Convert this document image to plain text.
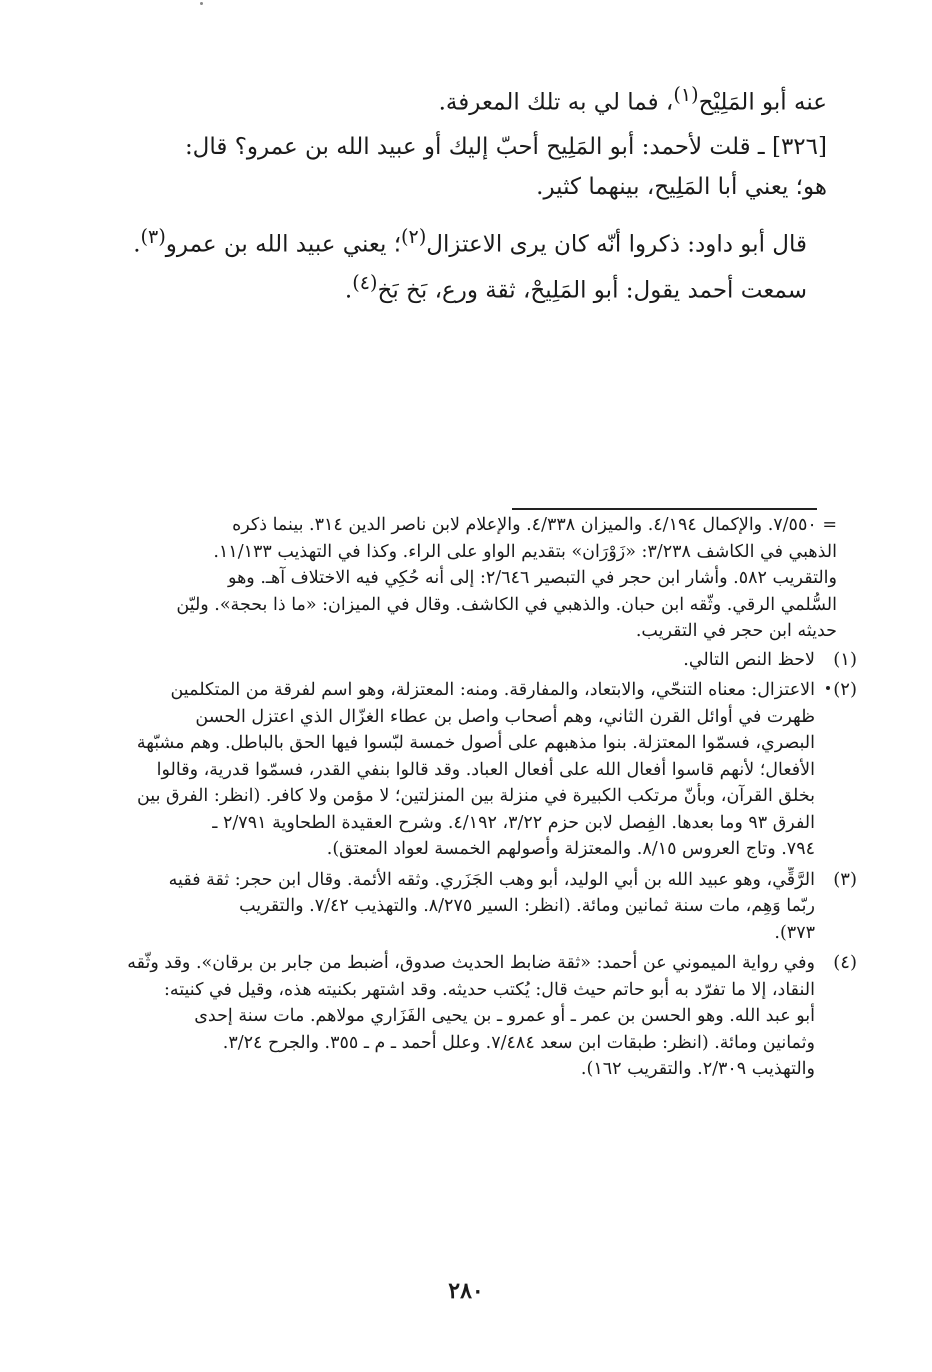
عنه أبو المَلِيْح$^{(١)}$، فما لي به تلك المعرفة.
[٣٢٦] ـ قلت لأحمد: أبو المَلِيح أحبّ إليك أو عبيد الله بن عمرو؟ قال:
هو؛ يعني أبا المَلِيح، بينهما كثير.
قال أبو داود: ذكروا أنّه كان يرى الاعتزال$^{(٢)}$؛ يعني عبيد الله بن عمرو$^{(٣)}$.
سمعت أحمد يقول: أبو المَلِيحْ، ثقة ورع، بَخ بَخ$^{(٤)}$.
= ٧/٥٥٠. والإكمال ٤/١٩٤. والميزان ٤/٣٣٨. والإعلام لابن ناصر الدين ٣١٤. بينما ذكره
الذهبي في الكاشف ٣/٢٣٨: «زَوْرَان» بتقديم الواو على الراء. وكذا في التهذيب ١١/١٣٣.
والتقريب ٥٨٢. وأشار ابن حجر في التبصير ٢/٦٤٦: إلى أنه حُكِي فيه الاختلاف آهـ. وهو
السُّلمي الرقي. وثّقه ابن حبان. والذهبي في الكاشف. وقال في الميزان: «ما ذا بحجة». وليّن
حديثه ابن حجر في التقريب.
(١)
لاحظ النص التالي.
(٢)
الاعتزال: معناه التنحّي، والابتعاد، والمفارقة. ومنه: المعتزلة، وهو اسم لفرقة من المتكلمين
ظهرت في أوائل القرن الثاني، وهم أصحاب واصل بن عطاء الغزّال الذي اعتزل الحسن
البصري، فسمّوا المعتزلة. بنوا مذهبهم على أصول خمسة لبّسوا فيها الحق بالباطل. وهم مشبّهة
الأفعال؛ لأنهم قاسوا أفعال الله على أفعال العباد. وقد قالوا بنفي القدر، فسمّوا قدرية، وقالوا
بخلق القرآن، وبأنّ مرتكب الكبيرة في منزلة بين المنزلتين؛ لا مؤمن ولا كافر. (انظر: الفرق بين
الفرق ٩٣ وما بعدها. الفِصل لابن حزم ٣/٢٢، ٤/١٩٢. وشرح العقيدة الطحاوية ٢/٧٩١ ـ
٧٩٤. وتاج العروس ٨/١٥. والمعتزلة وأصولهم الخمسة لعواد المعتق).
(٣)
الرَّقِّي، وهو عبيد الله بن أبي الوليد، أبو وهب الجَزَري. وثقه الأئمة. وقال ابن حجر: ثقة فقيه
ربّما وَهِم، مات سنة ثمانين ومائة. (انظر: السير ٨/٢٧٥. والتهذيب ٧/٤٢. والتقريب
٣٧٣).
(٤)
وفي رواية الميموني عن أحمد: «ثقة ضابط الحديث صدوق، أضبط من جابر بن برقان». وقد وثّقه
النقاد، إلا ما تفرّد به أبو حاتم حيث قال: يُكتب حديثه. وقد اشتهر بكنيته هذه، وقيل في كنيته:
أبو عبد الله. وهو الحسن بن عمر ـ أو عمرو ـ بن يحيى الفَزَاري مولاهم. مات سنة إحدى
وثمانين ومائة. (انظر: طبقات ابن سعد ٧/٤٨٤. وعلل أحمد ـ م ـ ٣٥٥. والجرح ٣/٢٤.
والتهذيب ٢/٣٠٩. والتقريب ١٦٢).
٢٨٠
